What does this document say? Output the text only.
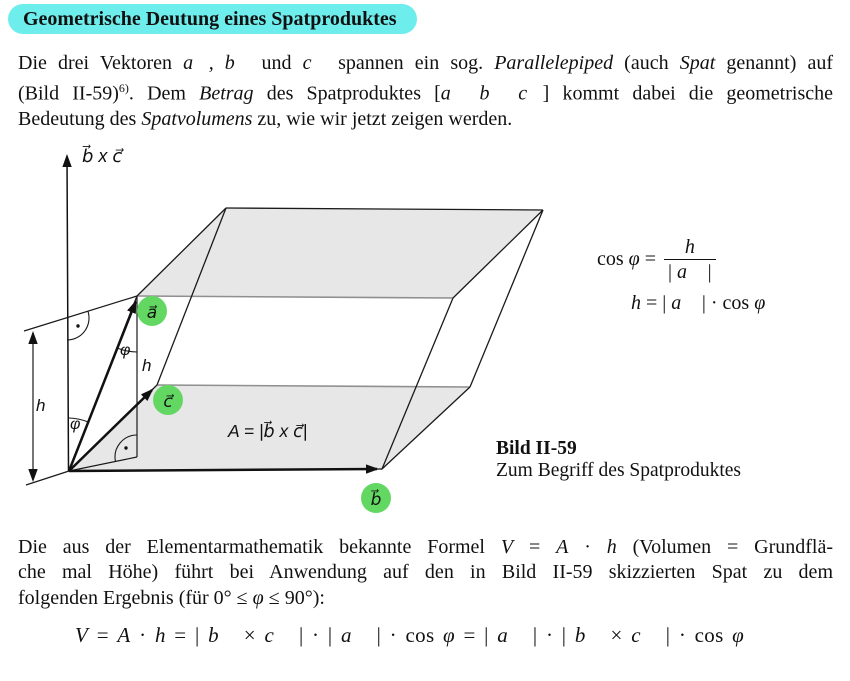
Geometrische Deutung eines Spatproduktes
Die drei Vektoren a⃗, b⃗ und c⃗ spannen ein sog. Parallelepiped (auch Spat genannt) auf
(Bild II-59)$^{6)}$. Dem Betrag des Spatproduktes [a⃗ b⃗ c⃗] kommt dabei die geometrische
Bedeutung des Spatvolumens zu, wie wir jetzt zeigen werden.
b⃗ x c⃗
a⃗
c⃗
b⃗
h
h
φ
φ
A = |b⃗ x c⃗|
Bild II-59
Zum Begriff des Spatproduktes
$\cos \varphi = \frac{h}{| a⃗ |}$
h = | a⃗ | · cos φ
Die aus der Elementarmathematik bekannte Formel V = A · h (Volumen = Grundflä-
che mal Höhe) führt bei Anwendung auf den in Bild II-59 skizzierten Spat zu dem
folgenden Ergebnis (für 0° ≤ φ ≤ 90°):
V = A · h = | b⃗ × c⃗ | · | a⃗ | · cos φ = | a⃗ | · | b⃗ × c⃗ | · cos φ
